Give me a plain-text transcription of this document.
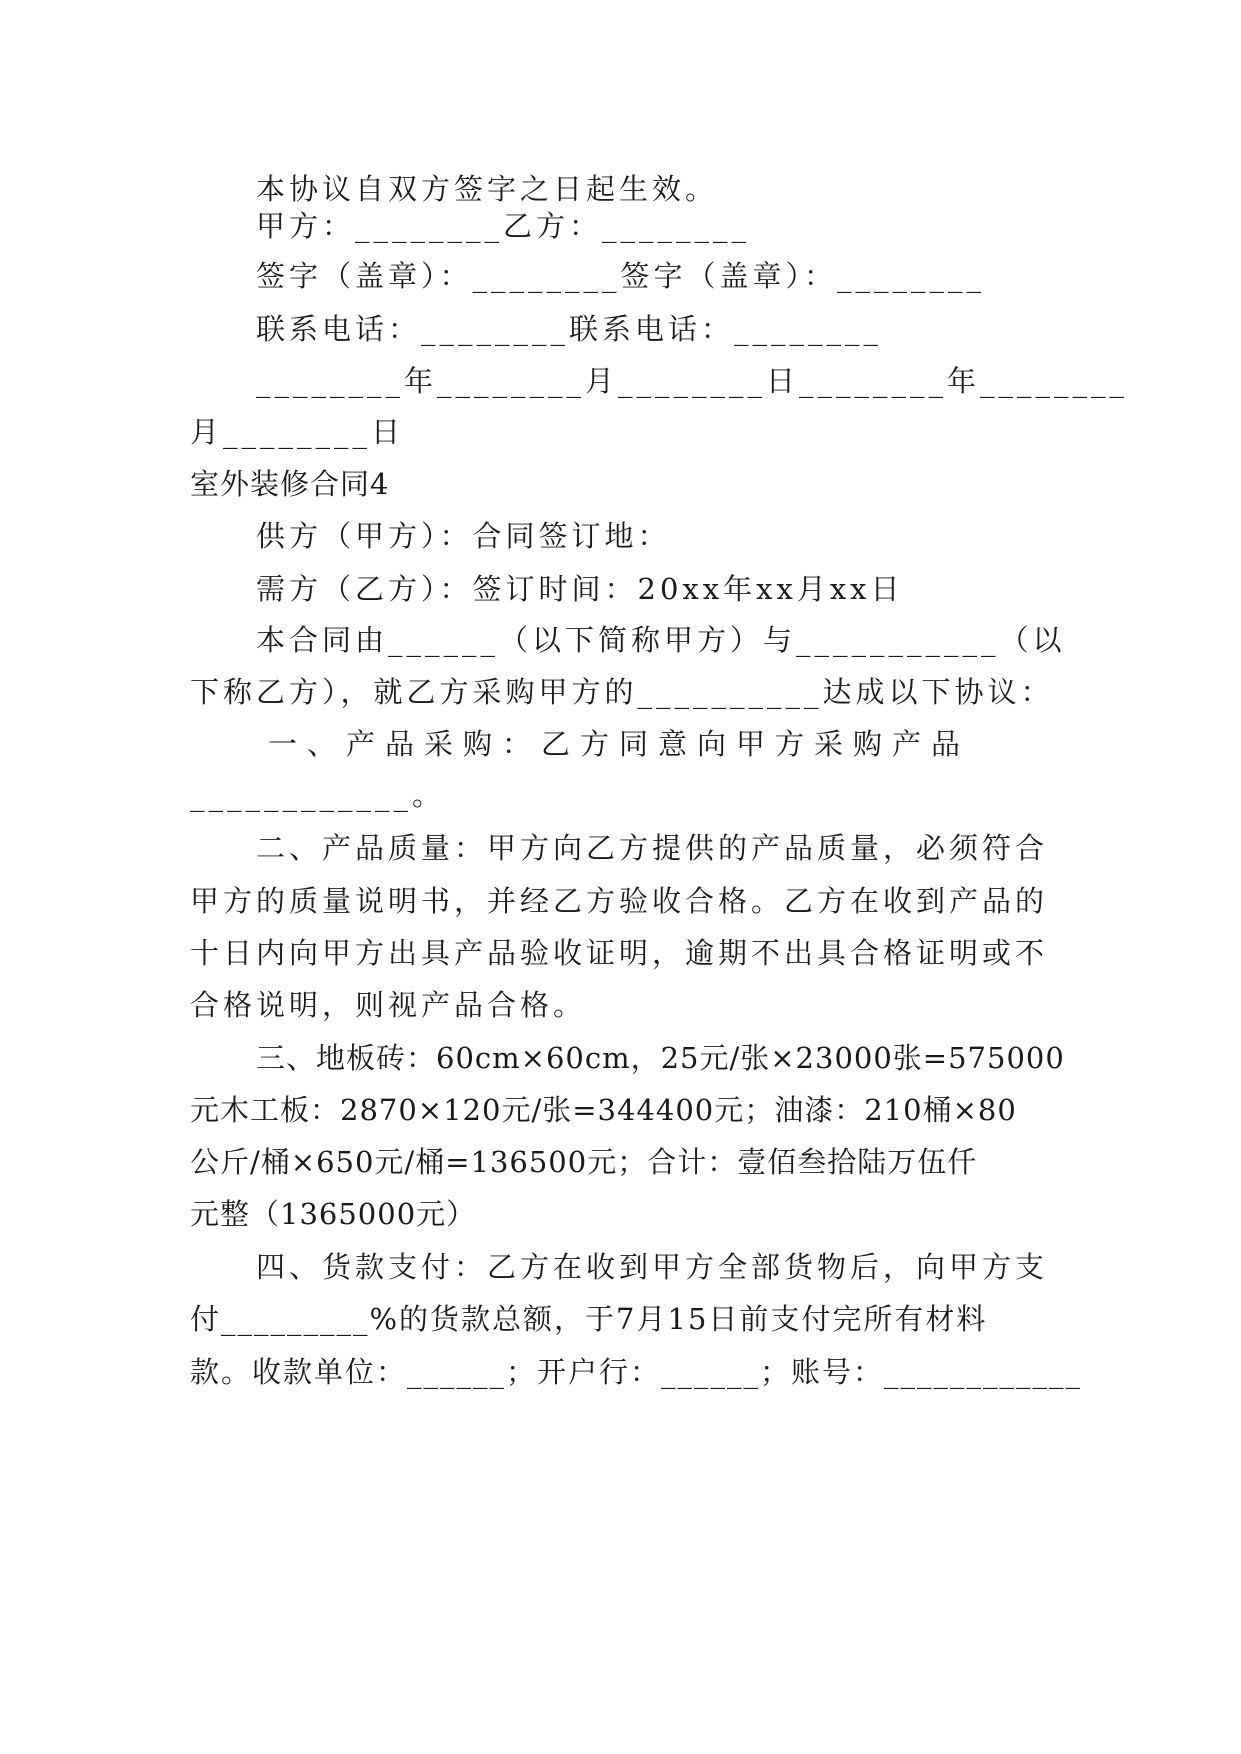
本协议自双方签字之日起生效。
甲方：________乙方：________
签字（盖章）：________签字（盖章）：________
联系电话：________联系电话：________
________年________月________日________年________
月________日
室外装修合同4
供方（甲方）：合同签订地：
需方（乙方）：签订时间：20xx年xx月xx日
本合同由______（以下简称甲方）与___________（以
下称乙方），就乙方采购甲方的__________达成以下协议：
一、产品采购：乙方同意向甲方采购产品
____________。
二、产品质量：甲方向乙方提供的产品质量，必须符合
甲方的质量说明书，并经乙方验收合格。乙方在收到产品的
十日内向甲方出具产品验收证明，逾期不出具合格证明或不
合格说明，则视产品合格。
三、地板砖：60cm×60cm，25元/张×23000张=575000
元木工板：2870×120元/张=344400元；油漆：210桶×80
公斤/桶×650元/桶=136500元；合计：壹佰叁拾陆万伍仟
元整（1365000元）
四、货款支付：乙方在收到甲方全部货物后，向甲方支
付_________%的货款总额，于7月15日前支付完所有材料
款。收款单位：______；开户行：______；账号：____________
